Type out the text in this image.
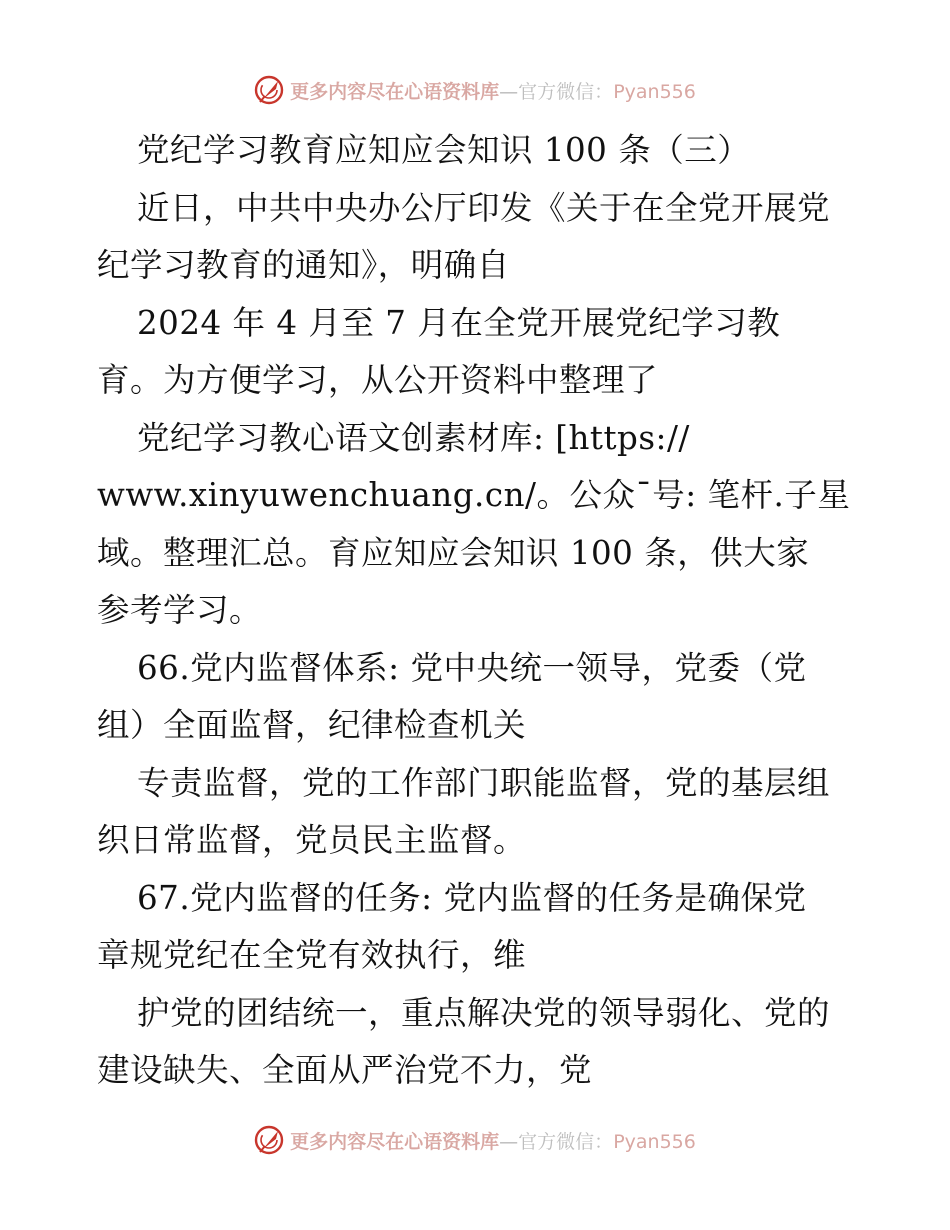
更多内容尽在心语资料库—官方微信：Pyan556
党纪学习教育应知应会知识 100 条（三）
近日，中共中央办公厅印发《关于在全党开展党
纪学习教育的通知》，明确自
2024 年 4 月至 7 月在全党开展党纪学习教
育。为方便学习，从公开资料中整理了
党纪学习教心语文创素材库: [https://
www.xinyuwenchuang.cn/。公众¯号: 笔杆.子星
域。整理汇总。育应知应会知识 100 条，供大家
参考学习。
66.党内监督体系: 党中央统一领导，党委（党
组）全面监督，纪律检查机关
专责监督，党的工作部门职能监督，党的基层组
织日常监督，党员民主监督。
67.党内监督的任务: 党内监督的任务是确保党
章规党纪在全党有效执行，维
护党的团结统一，重点解决党的领导弱化、党的
建设缺失、全面从严治党不力，党
更多内容尽在心语资料库—官方微信：Pyan556
